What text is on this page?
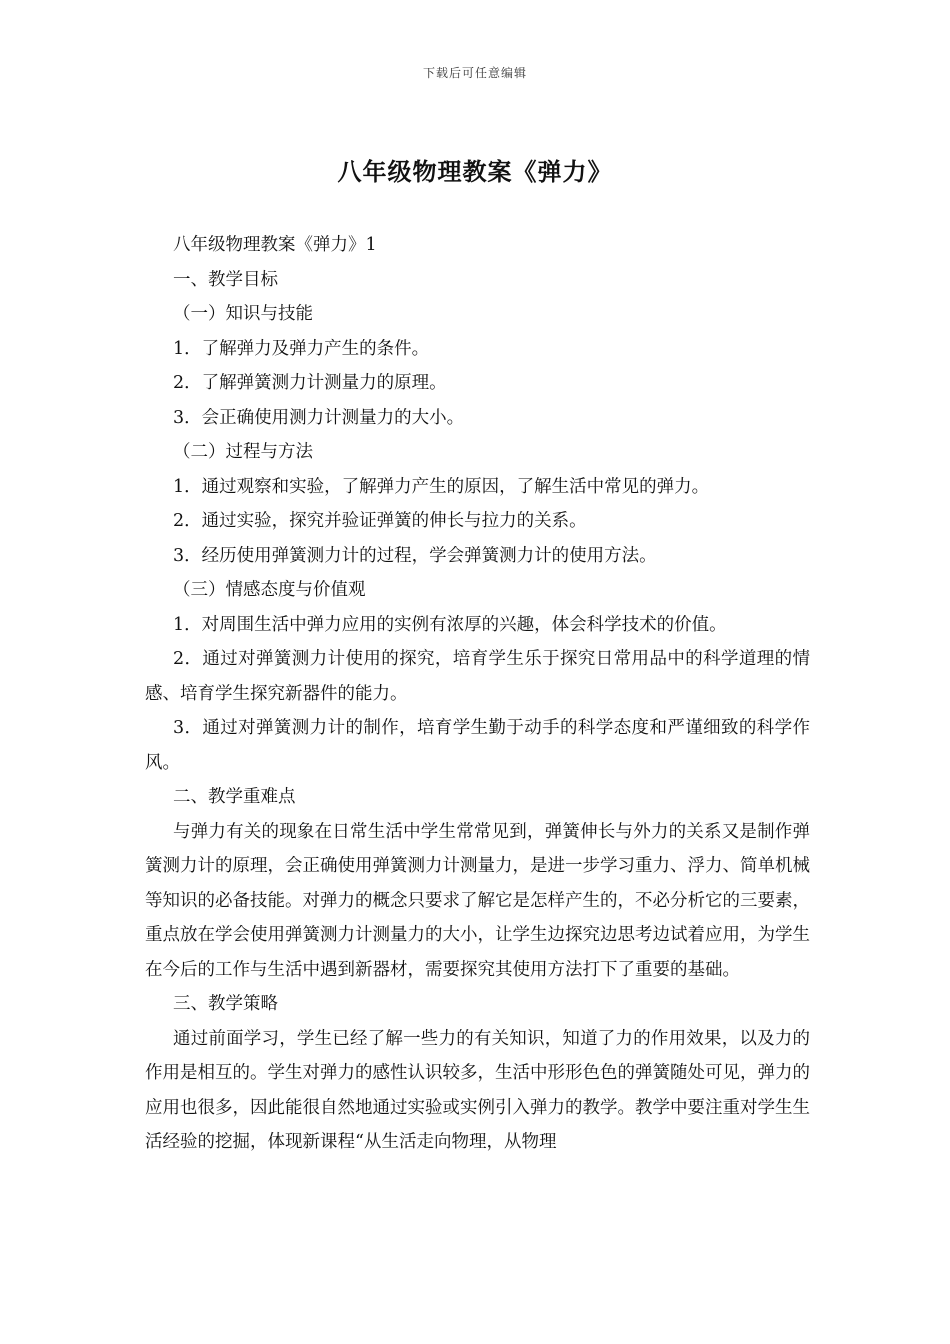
下载后可任意编辑
八年级物理教案《弹力》

八年级物理教案《弹力》1

一、教学目标

（一）知识与技能

1．了解弹力及弹力产生的条件。

2．了解弹簧测力计测量力的原理。

3．会正确使用测力计测量力的大小。

（二）过程与方法

1．通过观察和实验，了解弹力产生的原因，了解生活中常见的弹力。

2．通过实验，探究并验证弹簧的伸长与拉力的关系。

3．经历使用弹簧测力计的过程，学会弹簧测力计的使用方法。

（三）情感态度与价值观

1．对周围生活中弹力应用的实例有浓厚的兴趣，体会科学技术的价值。

2．通过对弹簧测力计使用的探究，培育学生乐于探究日常用品中的科学道理的情感、培育学生探究新器件的能力。

3．通过对弹簧测力计的制作，培育学生勤于动手的科学态度和严谨细致的科学作风。

二、教学重难点

与弹力有关的现象在日常生活中学生常常见到，弹簧伸长与外力的关系又是制作弹簧测力计的原理，会正确使用弹簧测力计测量力，是进一步学习重力、浮力、简单机械等知识的必备技能。对弹力的概念只要求了解它是怎样产生的，不必分析它的三要素，重点放在学会使用弹簧测力计测量力的大小，让学生边探究边思考边试着应用，为学生在今后的工作与生活中遇到新器材，需要探究其使用方法打下了重要的基础。

三、教学策略

通过前面学习，学生已经了解一些力的有关知识，知道了力的作用效果，以及力的作用是相互的。学生对弹力的感性认识较多，生活中形形色色的弹簧随处可见，弹力的应用也很多，因此能很自然地通过实验或实例引入弹力的教学。教学中要注重对学生生活经验的挖掘，体现新课程“从生活走向物理，从物理
